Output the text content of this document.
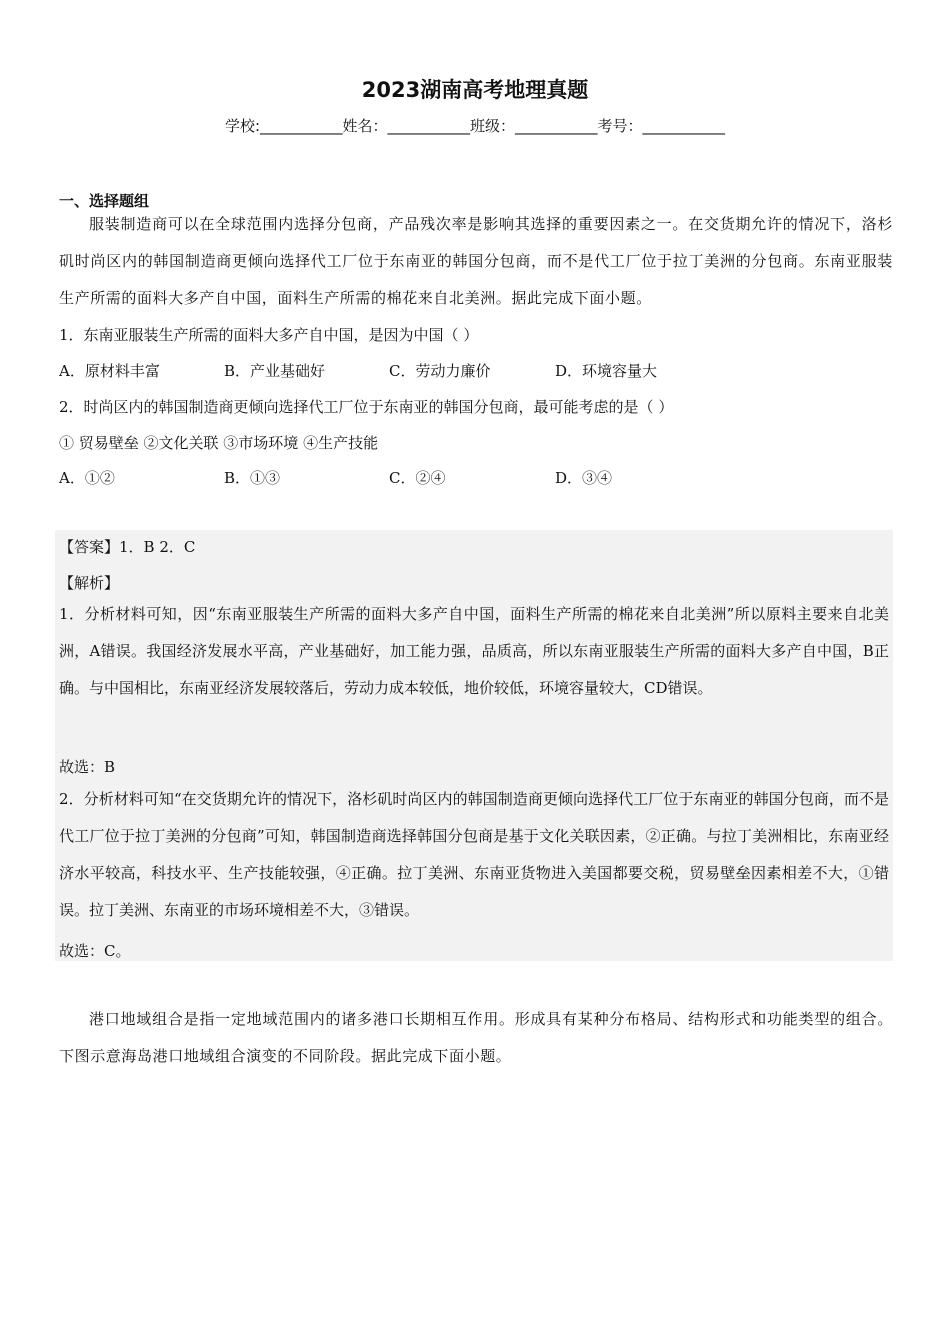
2023湖南高考地理真题
学校:___________姓名：___________班级：___________考号：___________
一、选择题组
服装制造商可以在全球范围内选择分包商，产品残次率是影响其选择的重要因素之一。在交货期允许的情况下，洛杉矶时尚区内的韩国制造商更倾向选择代工厂位于东南亚的韩国分包商，而不是代工厂位于拉丁美洲的分包商。东南亚服装生产所需的面料大多产自中国，面料生产所需的棉花来自北美洲。据此完成下面小题。
1．东南亚服装生产所需的面料大多产自中国，是因为中国（ ）
A．原材料丰富	B．产业基础好	C．劳动力廉价	D．环境容量大
2．时尚区内的韩国制造商更倾向选择代工厂位于东南亚的韩国分包商，最可能考虑的是（ ）
① 贸易壁垒 ②文化关联 ③市场环境 ④生产技能
A．①②	B．①③	C．②④	D．③④
【答案】1．B 2．C
【解析】
1．分析材料可知，因“东南亚服装生产所需的面料大多产自中国，面料生产所需的棉花来自北美洲”所以原料主要来自北美洲，A错误。我国经济发展水平高，产业基础好，加工能力强，品质高，所以东南亚服装生产所需的面料大多产自中国，B正确。与中国相比，东南亚经济发展较落后，劳动力成本较低，地价较低，环境容量较大，CD错误。
故选：B
2．分析材料可知“在交货期允许的情况下，洛杉矶时尚区内的韩国制造商更倾向选择代工厂位于东南亚的韩国分包商，而不是代工厂位于拉丁美洲的分包商”可知，韩国制造商选择韩国分包商是基于文化关联因素，②正确。与拉丁美洲相比，东南亚经济水平较高，科技水平、生产技能较强，④正确。拉丁美洲、东南亚货物进入美国都要交税，贸易壁垒因素相差不大，①错误。拉丁美洲、东南亚的市场环境相差不大，③错误。
故选：C。
港口地域组合是指一定地域范围内的诸多港口长期相互作用。形成具有某种分布格局、结构形式和功能类型的组合。下图示意海岛港口地域组合演变的不同阶段。据此完成下面小题。
